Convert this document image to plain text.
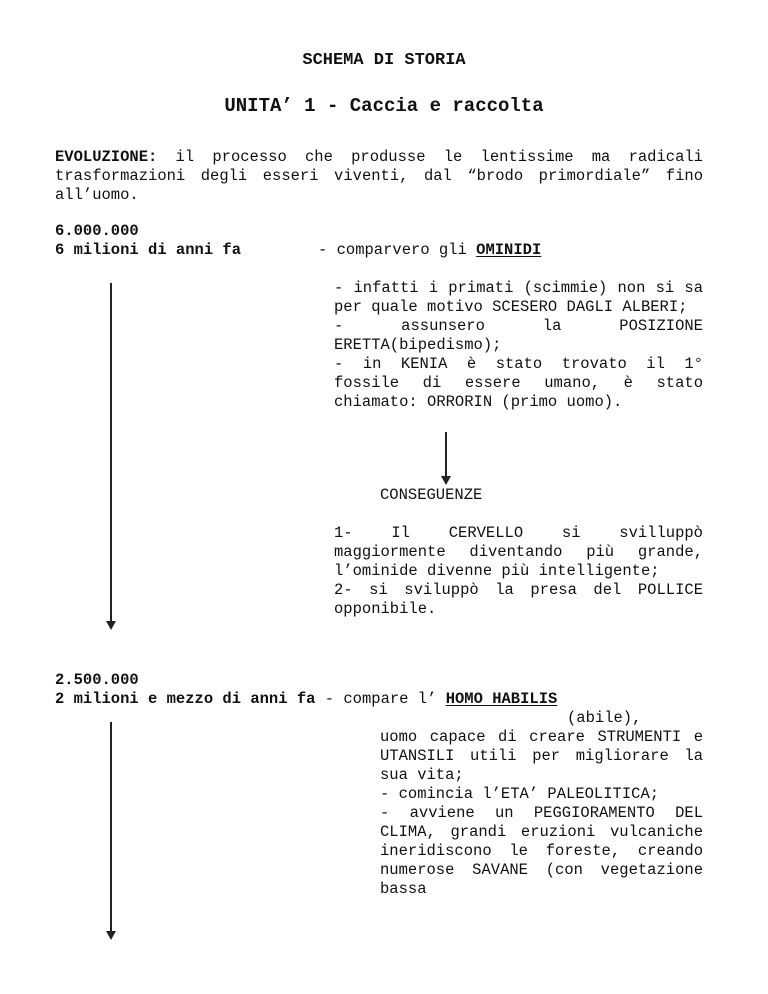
SCHEMA DI STORIA
UNITA’ 1 - Caccia e raccolta
EVOLUZIONE: il processo che produsse le lentissime ma radicali trasformazioni degli esseri viventi, dal “brodo primordiale” fino all’uomo.
6.000.000
6 milioni di anni fa	- comparvero gli OMINIDI
- infatti i primati (scimmie) non si sa per quale motivo SCESERO DAGLI ALBERI;
- assunsero la POSIZIONE ERETTA(bipedismo);
- in KENIA è stato trovato il 1° fossile di essere umano, è stato chiamato: ORRORIN (primo uomo).
CONSEGUENZE
1- Il CERVELLO si svilluppò maggiormente diventando più grande, l’ominide divenne più intelligente;
2- si sviluppò la presa del POLLICE opponibile.
2.500.000
2 milioni e mezzo di anni fa - compare l’ HOMO HABILIS
(abile),
uomo capace di creare STRUMENTI e UTANSILI utili per migliorare la sua vita;
- comincia l’ETA’ PALEOLITICA;
- avviene un PEGGIORAMENTO DEL CLIMA, grandi eruzioni vulcaniche ineridiscono le foreste, creando numerose SAVANE (con vegetazione bassa
